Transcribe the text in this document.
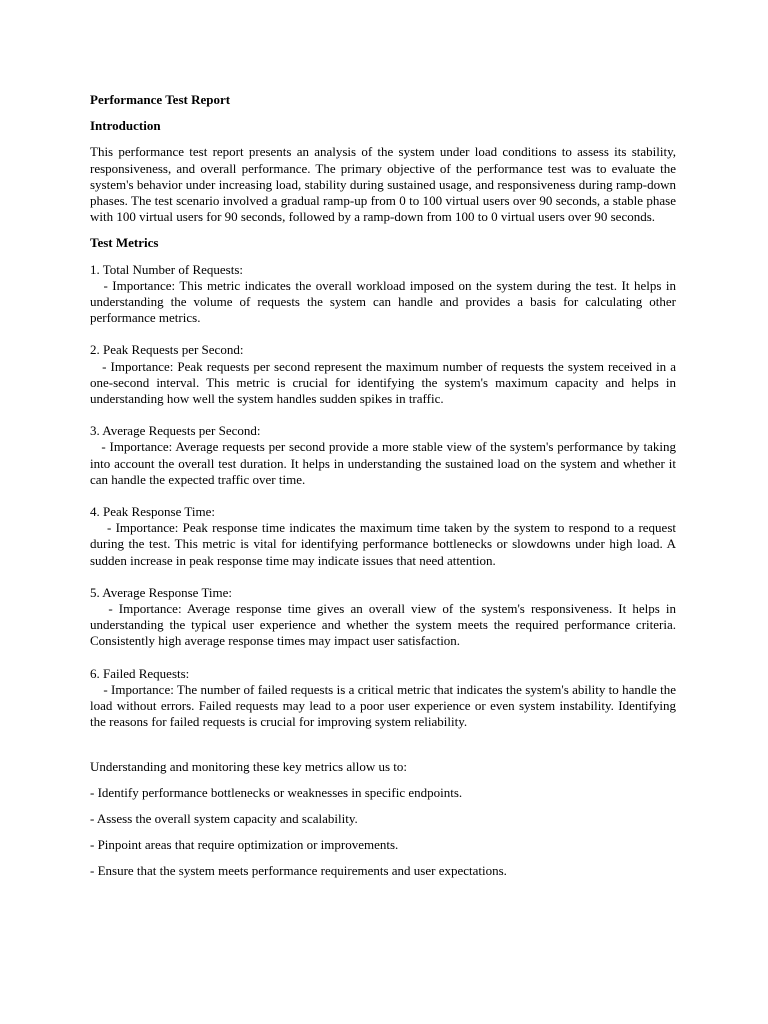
Performance Test Report
Introduction
This performance test report presents an analysis of the system under load conditions to assess its stability, responsiveness, and overall performance. The primary objective of the performance test was to evaluate the system's behavior under increasing load, stability during sustained usage, and responsiveness during ramp-down phases. The test scenario involved a gradual ramp-up from 0 to 100 virtual users over 90 seconds, a stable phase with 100 virtual users for 90 seconds, followed by a ramp-down from 100 to 0 virtual users over 90 seconds.
Test Metrics
1. Total Number of Requests:
- Importance: This metric indicates the overall workload imposed on the system during the test. It helps in understanding the volume of requests the system can handle and provides a basis for calculating other performance metrics.
2. Peak Requests per Second:
- Importance: Peak requests per second represent the maximum number of requests the system received in a one-second interval. This metric is crucial for identifying the system's maximum capacity and helps in understanding how well the system handles sudden spikes in traffic.
3. Average Requests per Second:
- Importance: Average requests per second provide a more stable view of the system's performance by taking into account the overall test duration. It helps in understanding the sustained load on the system and whether it can handle the expected traffic over time.
4. Peak Response Time:
- Importance: Peak response time indicates the maximum time taken by the system to respond to a request during the test. This metric is vital for identifying performance bottlenecks or slowdowns under high load. A sudden increase in peak response time may indicate issues that need attention.
5. Average Response Time:
- Importance: Average response time gives an overall view of the system's responsiveness. It helps in understanding the typical user experience and whether the system meets the required performance criteria. Consistently high average response times may impact user satisfaction.
6. Failed Requests:
- Importance: The number of failed requests is a critical metric that indicates the system's ability to handle the load without errors. Failed requests may lead to a poor user experience or even system instability. Identifying the reasons for failed requests is crucial for improving system reliability.
Understanding and monitoring these key metrics allow us to:
- Identify performance bottlenecks or weaknesses in specific endpoints.
- Assess the overall system capacity and scalability.
- Pinpoint areas that require optimization or improvements.
- Ensure that the system meets performance requirements and user expectations.
